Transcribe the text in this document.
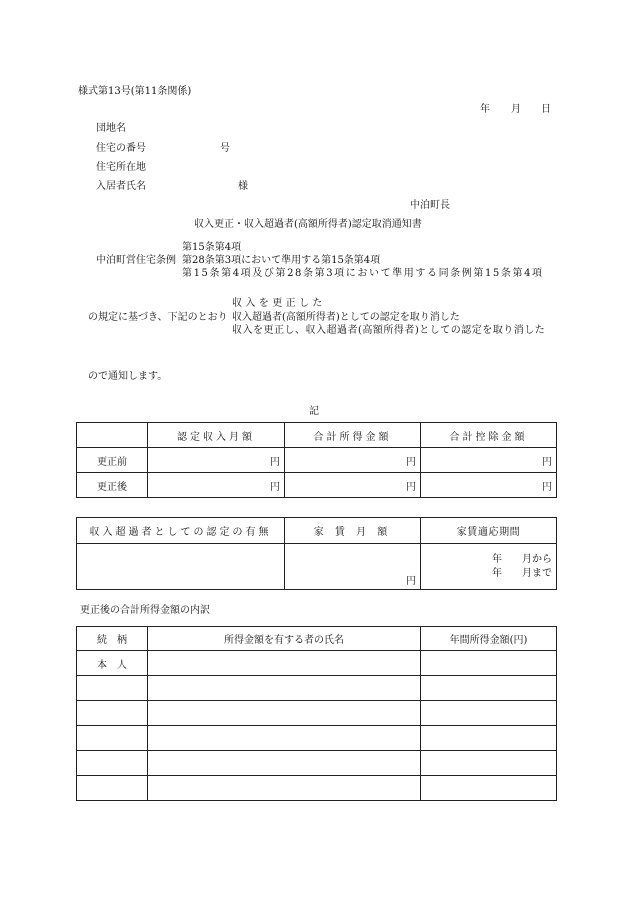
様式第13号(第11条関係)
年 月 日
団地名
住宅の番号	号
住宅所在地
入居者氏名	様
中泊町長
収入更正・収入超過者(高額所得者)認定取消通知書
第15条第4項
中泊町営住宅条例 第28条第3項において準用する第15条第4項
第15条第4項及び第28条第3項において準用する同条例第15条第4項
収入を更正した
の規定に基づき、下記のとおり 収入超過者(高額所得者)としての認定を取り消した
収入を更正し、収入超過者(高額所得者)としての認定を取り消した
ので通知します。
記
	認定収入月額	合計所得金額	合計控除金額
更正前	円	円	円
更正後	円	円	円
収入超過者としての認定の有無	家 賃 月 額	家賃適応期間
	円	年　　月から
年　　月まで
更正後の合計所得金額の内訳
続　柄	所得金額を有する者の氏名	年間所得金額(円)
本　人		
